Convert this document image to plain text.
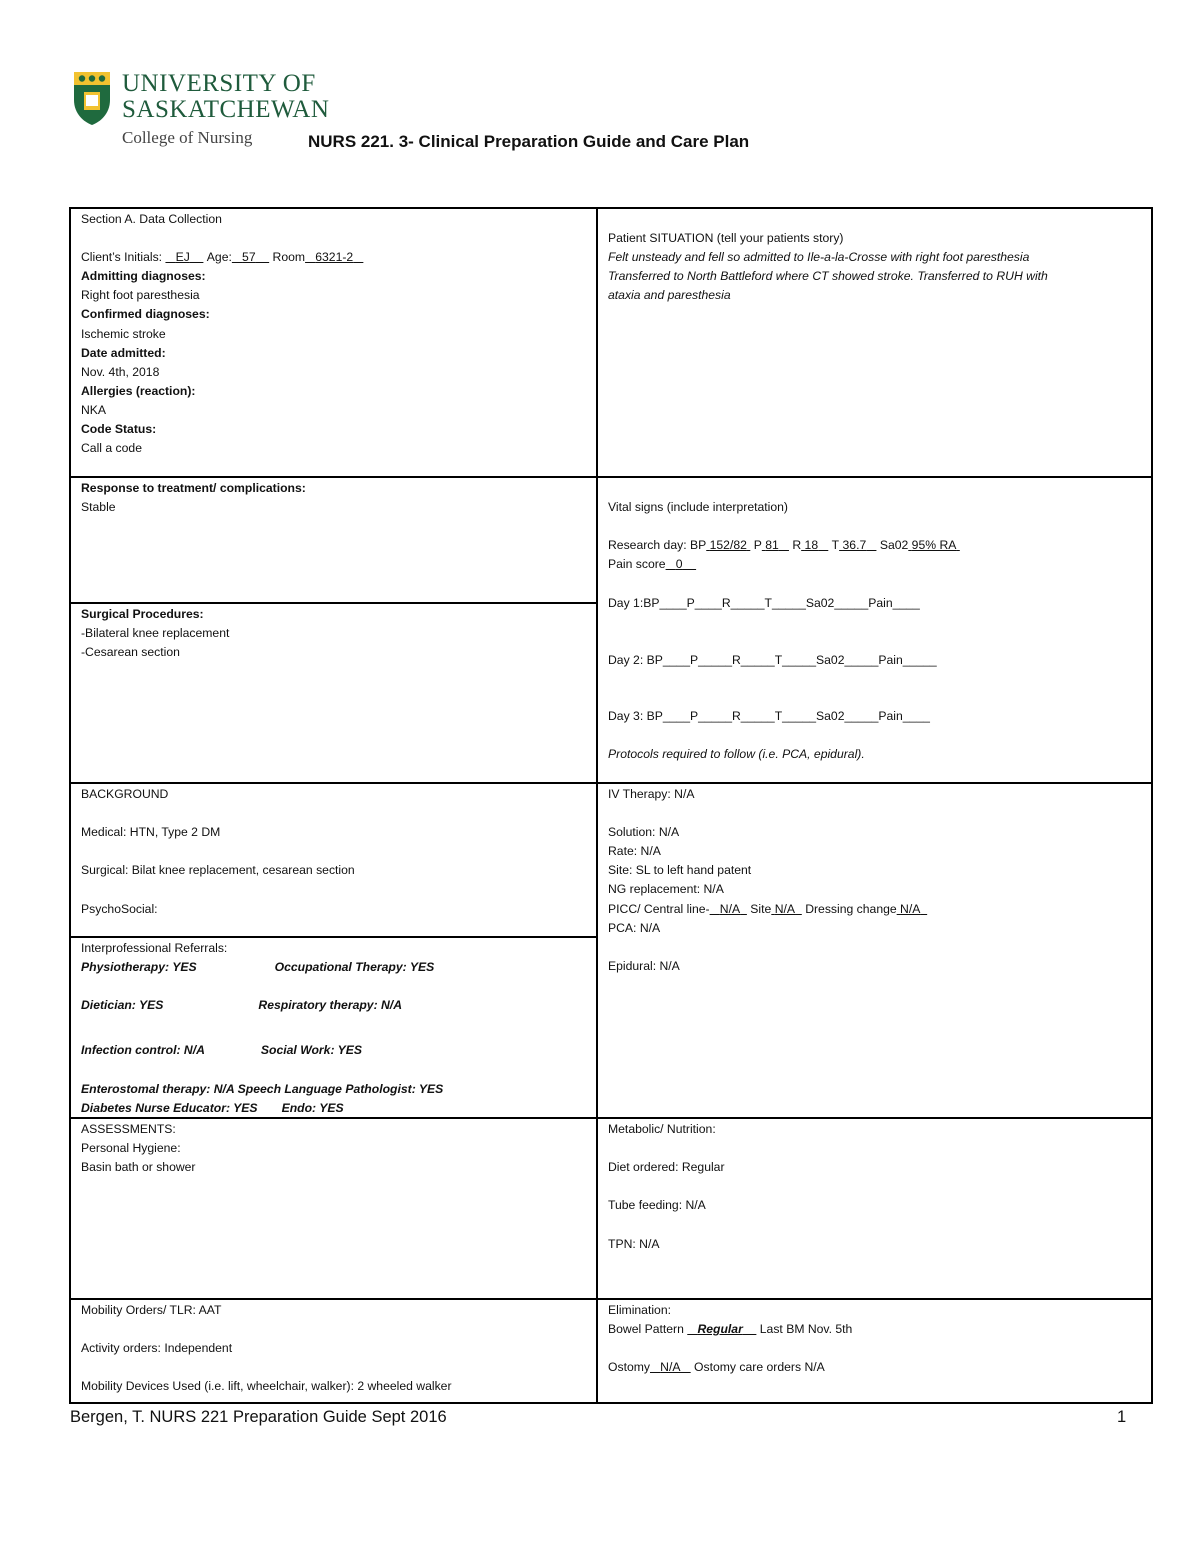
UNIVERSITY OF
SASKATCHEWAN
College of Nursing	NURS 221. 3- Clinical Preparation Guide and Care Plan
Section A. Data Collection
Client’s Initials:    EJ Age: 57 Room 6321-2
Admitting diagnoses:
Right foot paresthesia
Confirmed diagnoses:
Ischemic stroke
Date admitted:
Nov. 4th, 2018
Allergies (reaction):
NKA
Code Status:
Call a code
Patient SITUATION (tell your patients story)
Felt unsteady and fell so admitted to Ile-a-la-Crosse with right foot paresthesia
Transferred to North Battleford where CT showed stroke. Transferred to RUH with
ataxia and paresthesia
Response to treatment/ complications:
Stable
Surgical Procedures:
-Bilateral knee replacement
-Cesarean section
Vital signs (include interpretation)
Research day: BP 152/82 P 81 R 18 T 36.7 Sa02 95% RA
Pain score 0
Day 1:BP____P____R_____T_____Sa02_____Pain____
Day 2: BP____P_____R_____T_____Sa02_____Pain_____
Day 3: BP____P_____R_____T_____Sa02_____Pain____
Protocols required to follow (i.e. PCA, epidural).
BACKGROUND
Medical: HTN, Type 2 DM
Surgical: Bilat knee replacement, cesarean section
PsychoSocial:
Interprofessional Referrals:
Physiotherapy: YES	Occupational Therapy: YES
Dietician: YES	Respiratory therapy: N/A
Infection control: N/A	Social Work: YES
Enterostomal therapy: N/A Speech Language Pathologist: YES
Diabetes Nurse Educator: YES Endo: YES
IV Therapy: N/A
Solution: N/A
Rate: N/A
Site: SL to left hand patent
NG replacement: N/A
PICC/ Central line- N/A Site N/A Dressing change N/A
PCA: N/A
Epidural: N/A
ASSESSMENTS:
Personal Hygiene:
Basin bath or shower
Metabolic/ Nutrition:
Diet ordered: Regular
Tube feeding: N/A
TPN: N/A
Mobility Orders/ TLR: AAT
Activity orders: Independent
Mobility Devices Used (i.e. lift, wheelchair, walker): 2 wheeled walker
Elimination:
Bowel Pattern Regular Last BM Nov. 5th
Ostomy N/A Ostomy care orders N/A
Bergen, T. NURS 221 Preparation Guide Sept 2016	1
